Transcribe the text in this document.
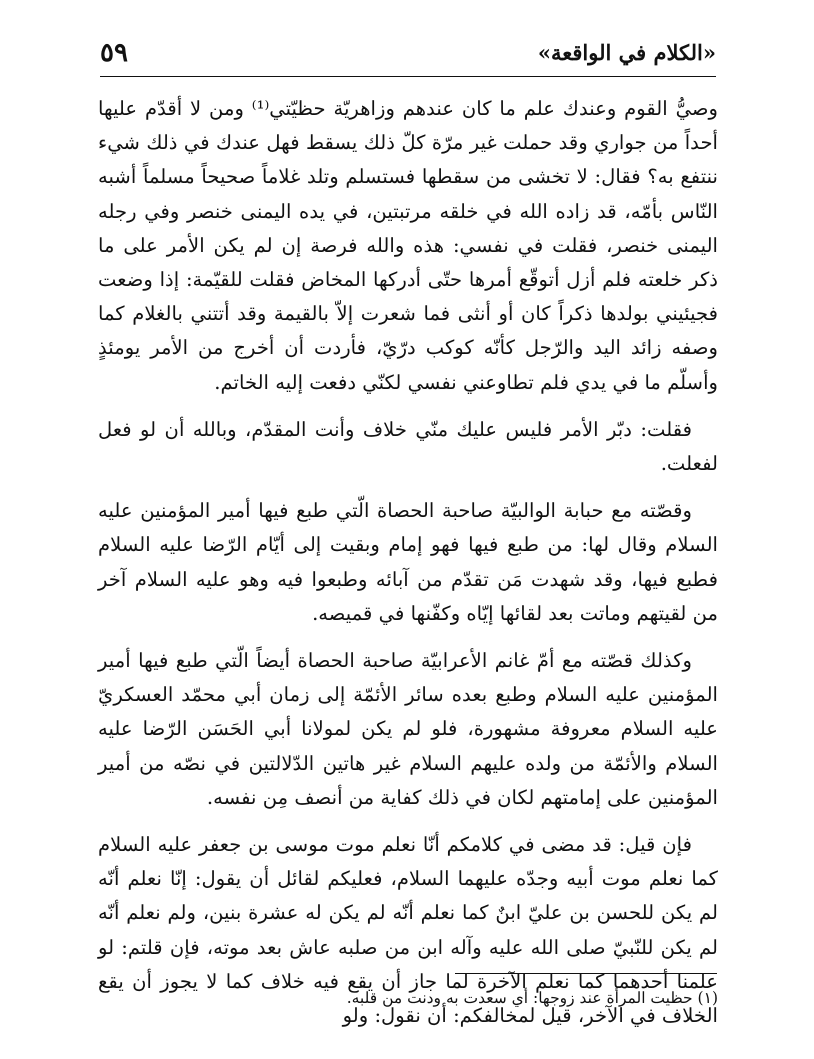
«الكلام في الواقعة»
٥٩

وصيُّ القوم وعندك علم ما كان عندهم وزاهريّة حظيّتي⁽¹⁾ ومن لا أقدّم عليها أحداً من جواري وقد حملت غير مرّة كلّ ذلك يسقط فهل عندك في ذلك شيء ننتفع به؟ فقال: لا تخشى من سقطها فستسلم وتلد غلاماً صحيحاً مسلماً أشبه النّاس بأمّه، قد زاده الله في خلقه مرتبتين، في يده اليمنى خنصر وفي رجله اليمنى خنصر، فقلت في نفسي: هذه والله فرصة إن لم يكن الأمر على ما ذكر خلعته فلم أزل أتوقّع أمرها حتّى أدركها المخاض فقلت للقيّمة: إذا وضعت فجيئيني بولدها ذكراً كان أو أنثى فما شعرت إلاّ بالقيمة وقد أتتني بالغلام كما وصفه زائد اليد والرّجل كأنّه كوكب درّيّ، فأردت أن أخرج من الأمر يومئذٍ وأسلّم ما في يدي فلم تطاوعني نفسي لكنّي دفعت إليه الخاتم.

فقلت: دبّر الأمر فليس عليك منّي خلاف وأنت المقدّم، وبالله أن لو فعل لفعلت.

وقصّته مع حبابة الوالبيّة صاحبة الحصاة الّتي طبع فيها أمير المؤمنين عليه السلام وقال لها: من طبع فيها فهو إمام وبقيت إلى أيّام الرّضا عليه السلام فطبع فيها، وقد شهدت مَن تقدّم من آبائه وطبعوا فيه وهو عليه السلام آخر من لقيتهم وماتت بعد لقائها إيّاه وكفّنها في قميصه.

وكذلك قصّته مع أمّ غانم الأعرابيّة صاحبة الحصاة أيضاً الّتي طبع فيها أمير المؤمنين عليه السلام وطبع بعده سائر الأئمّة إلى زمان أبي محمّد العسكريّ عليه السلام معروفة مشهورة، فلو لم يكن لمولانا أبي الحَسَن الرّضا عليه السلام والأئمّة من ولده عليهم السلام غير هاتين الدّلالتين في نصّه من أمير المؤمنين على إمامتهم لكان في ذلك كفاية من أنصف مِن نفسه.

فإن قيل: قد مضى في كلامكم أنّا نعلم موت موسى بن جعفر عليه السلام كما نعلم موت أبيه وجدّه عليهما السلام، فعليكم لقائل أن يقول: إنّا نعلم أنّه لم يكن للحسن بن عليّ ابنٌ كما نعلم أنّه لم يكن له عشرة بنين، ولم نعلم أنّه لم يكن للنّبيّ صلى الله عليه وآله ابن من صلبه عاش بعد موته، فإن قلتم: لو علمنا أحدهما كما نعلم الآخرة لما جاز أن يقع فيه خلاف كما لا يجوز أن يقع الخلاف في الآخر، قيل لمخالفكم: أن نقول: ولو

(١) حظيت المرأة عند زوجها: أي سعدت به ودنت من قلبه.
